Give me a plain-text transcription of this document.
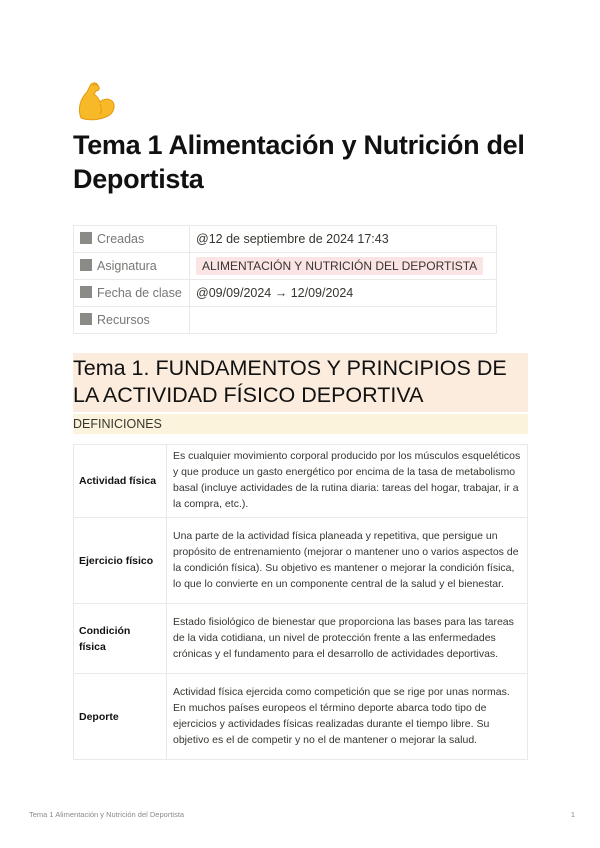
Tema 1 Alimentación y Nutrición del Deportista
Creadas	@12 de septiembre de 2024 17:43
Asignatura	ALIMENTACIÓN Y NUTRICIÓN DEL DEPORTISTA
Fecha de clase	@09/09/2024 → 12/09/2024
Recursos	
Tema 1. FUNDAMENTOS Y PRINCIPIOS DE LA ACTIVIDAD FÍSICO DEPORTIVA
DEFINICIONES
Actividad física	Es cualquier movimiento corporal producido por los músculos esqueléticos y que produce un gasto energético por encima de la tasa de metabolismo basal (incluye actividades de la rutina diaria: tareas del hogar, trabajar, ir a la compra, etc.).
Ejercicio físico	Una parte de la actividad física planeada y repetitiva, que persigue un propósito de entrenamiento (mejorar o mantener uno o varios aspectos de la condición física). Su objetivo es mantener o mejorar la condición física, lo que lo convierte en un componente central de la salud y el bienestar.
Condición física	Estado fisiológico de bienestar que proporciona las bases para las tareas de la vida cotidiana, un nivel de protección frente a las enfermedades crónicas y el fundamento para el desarrollo de actividades deportivas.
Deporte	Actividad física ejercida como competición que se rige por unas normas. En muchos países europeos el término deporte abarca todo tipo de ejercicios y actividades físicas realizadas durante el tiempo libre. Su objetivo es el de competir y no el de mantener o mejorar la salud.
Tema 1 Alimentación y Nutrición del Deportista	1
